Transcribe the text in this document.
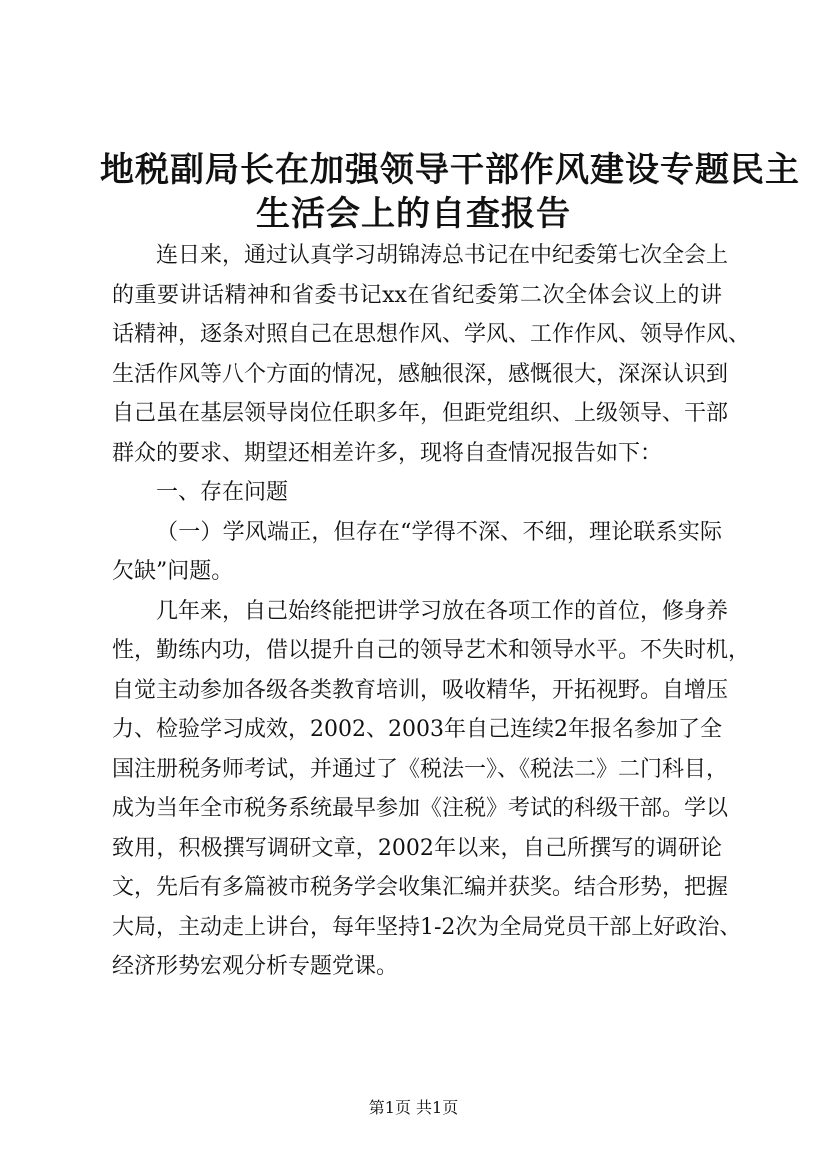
地税副局长在加强领导干部作风建设专题民主
生活会上的自查报告
连日来，通过认真学习胡锦涛总书记在中纪委第七次全会上
的重要讲话精神和省委书记xx在省纪委第二次全体会议上的讲
话精神，逐条对照自己在思想作风、学风、工作作风、领导作风、
生活作风等八个方面的情况，感触很深，感慨很大，深深认识到
自己虽在基层领导岗位任职多年，但距党组织、上级领导、干部
群众的要求、期望还相差许多，现将自查情况报告如下：
一、存在问题
（一）学风端正，但存在“学得不深、不细，理论联系实际
欠缺”问题。
几年来，自己始终能把讲学习放在各项工作的首位，修身养
性，勤练内功，借以提升自己的领导艺术和领导水平。不失时机，
自觉主动参加各级各类教育培训，吸收精华，开拓视野。自增压
力、检验学习成效，2002、2003年自己连续2年报名参加了全
国注册税务师考试，并通过了《税法一》、《税法二》二门科目，
成为当年全市税务系统最早参加《注税》考试的科级干部。学以
致用，积极撰写调研文章，2002年以来，自己所撰写的调研论
文，先后有多篇被市税务学会收集汇编并获奖。结合形势，把握
大局，主动走上讲台，每年坚持1-2次为全局党员干部上好政治、
经济形势宏观分析专题党课。
第1页 共1页
